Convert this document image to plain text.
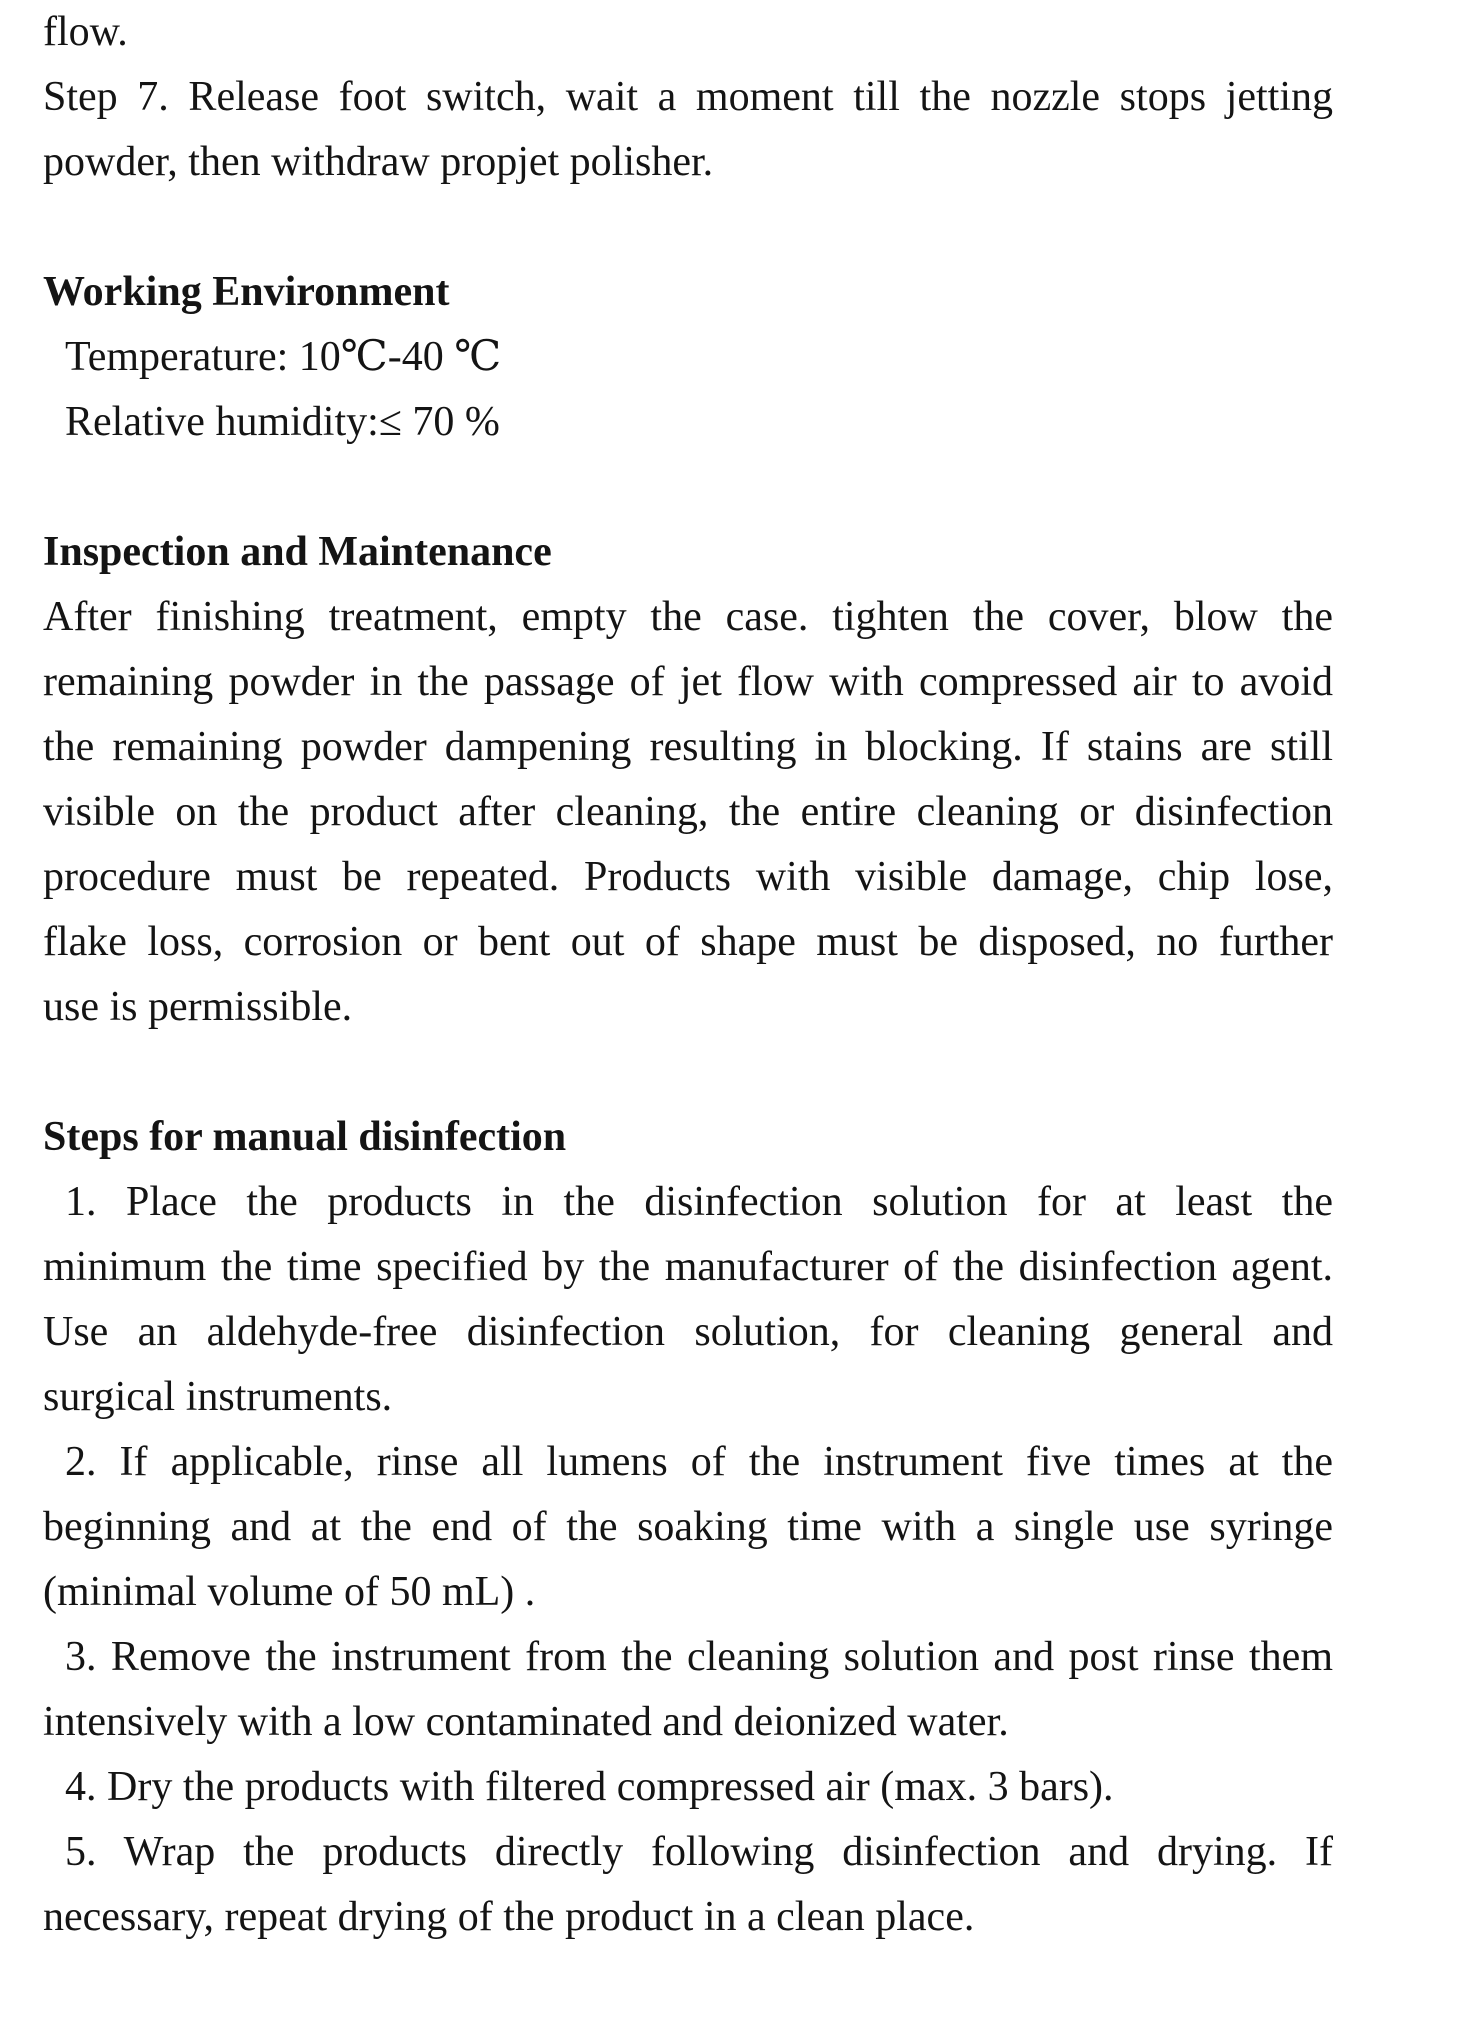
flow.
Step 7. Release foot switch, wait a moment till the nozzle stops jetting
powder, then withdraw propjet polisher.
Working Environment
Temperature: 10℃-40 ℃
Relative humidity:≤ 70 %
Inspection and Maintenance
After finishing treatment, empty the case. tighten the cover, blow the
remaining powder in the passage of jet flow with compressed air to avoid
the remaining powder dampening resulting in blocking. If stains are still
visible on the product after cleaning, the entire cleaning or disinfection
procedure must be repeated. Products with visible damage, chip lose,
flake loss, corrosion or bent out of shape must be disposed, no further
use is permissible.
Steps for manual disinfection
1. Place the products in the disinfection solution for at least the
minimum the time specified by the manufacturer of the disinfection agent.
Use an aldehyde-free disinfection solution, for cleaning general and
surgical instruments.
2. If applicable, rinse all lumens of the instrument five times at the
beginning and at the end of the soaking time with a single use syringe
(minimal volume of 50 mL) .
3. Remove the instrument from the cleaning solution and post rinse them
intensively with a low contaminated and deionized water.
4. Dry the products with filtered compressed air (max. 3 bars).
5. Wrap the products directly following disinfection and drying. If
necessary, repeat drying of the product in a clean place.
